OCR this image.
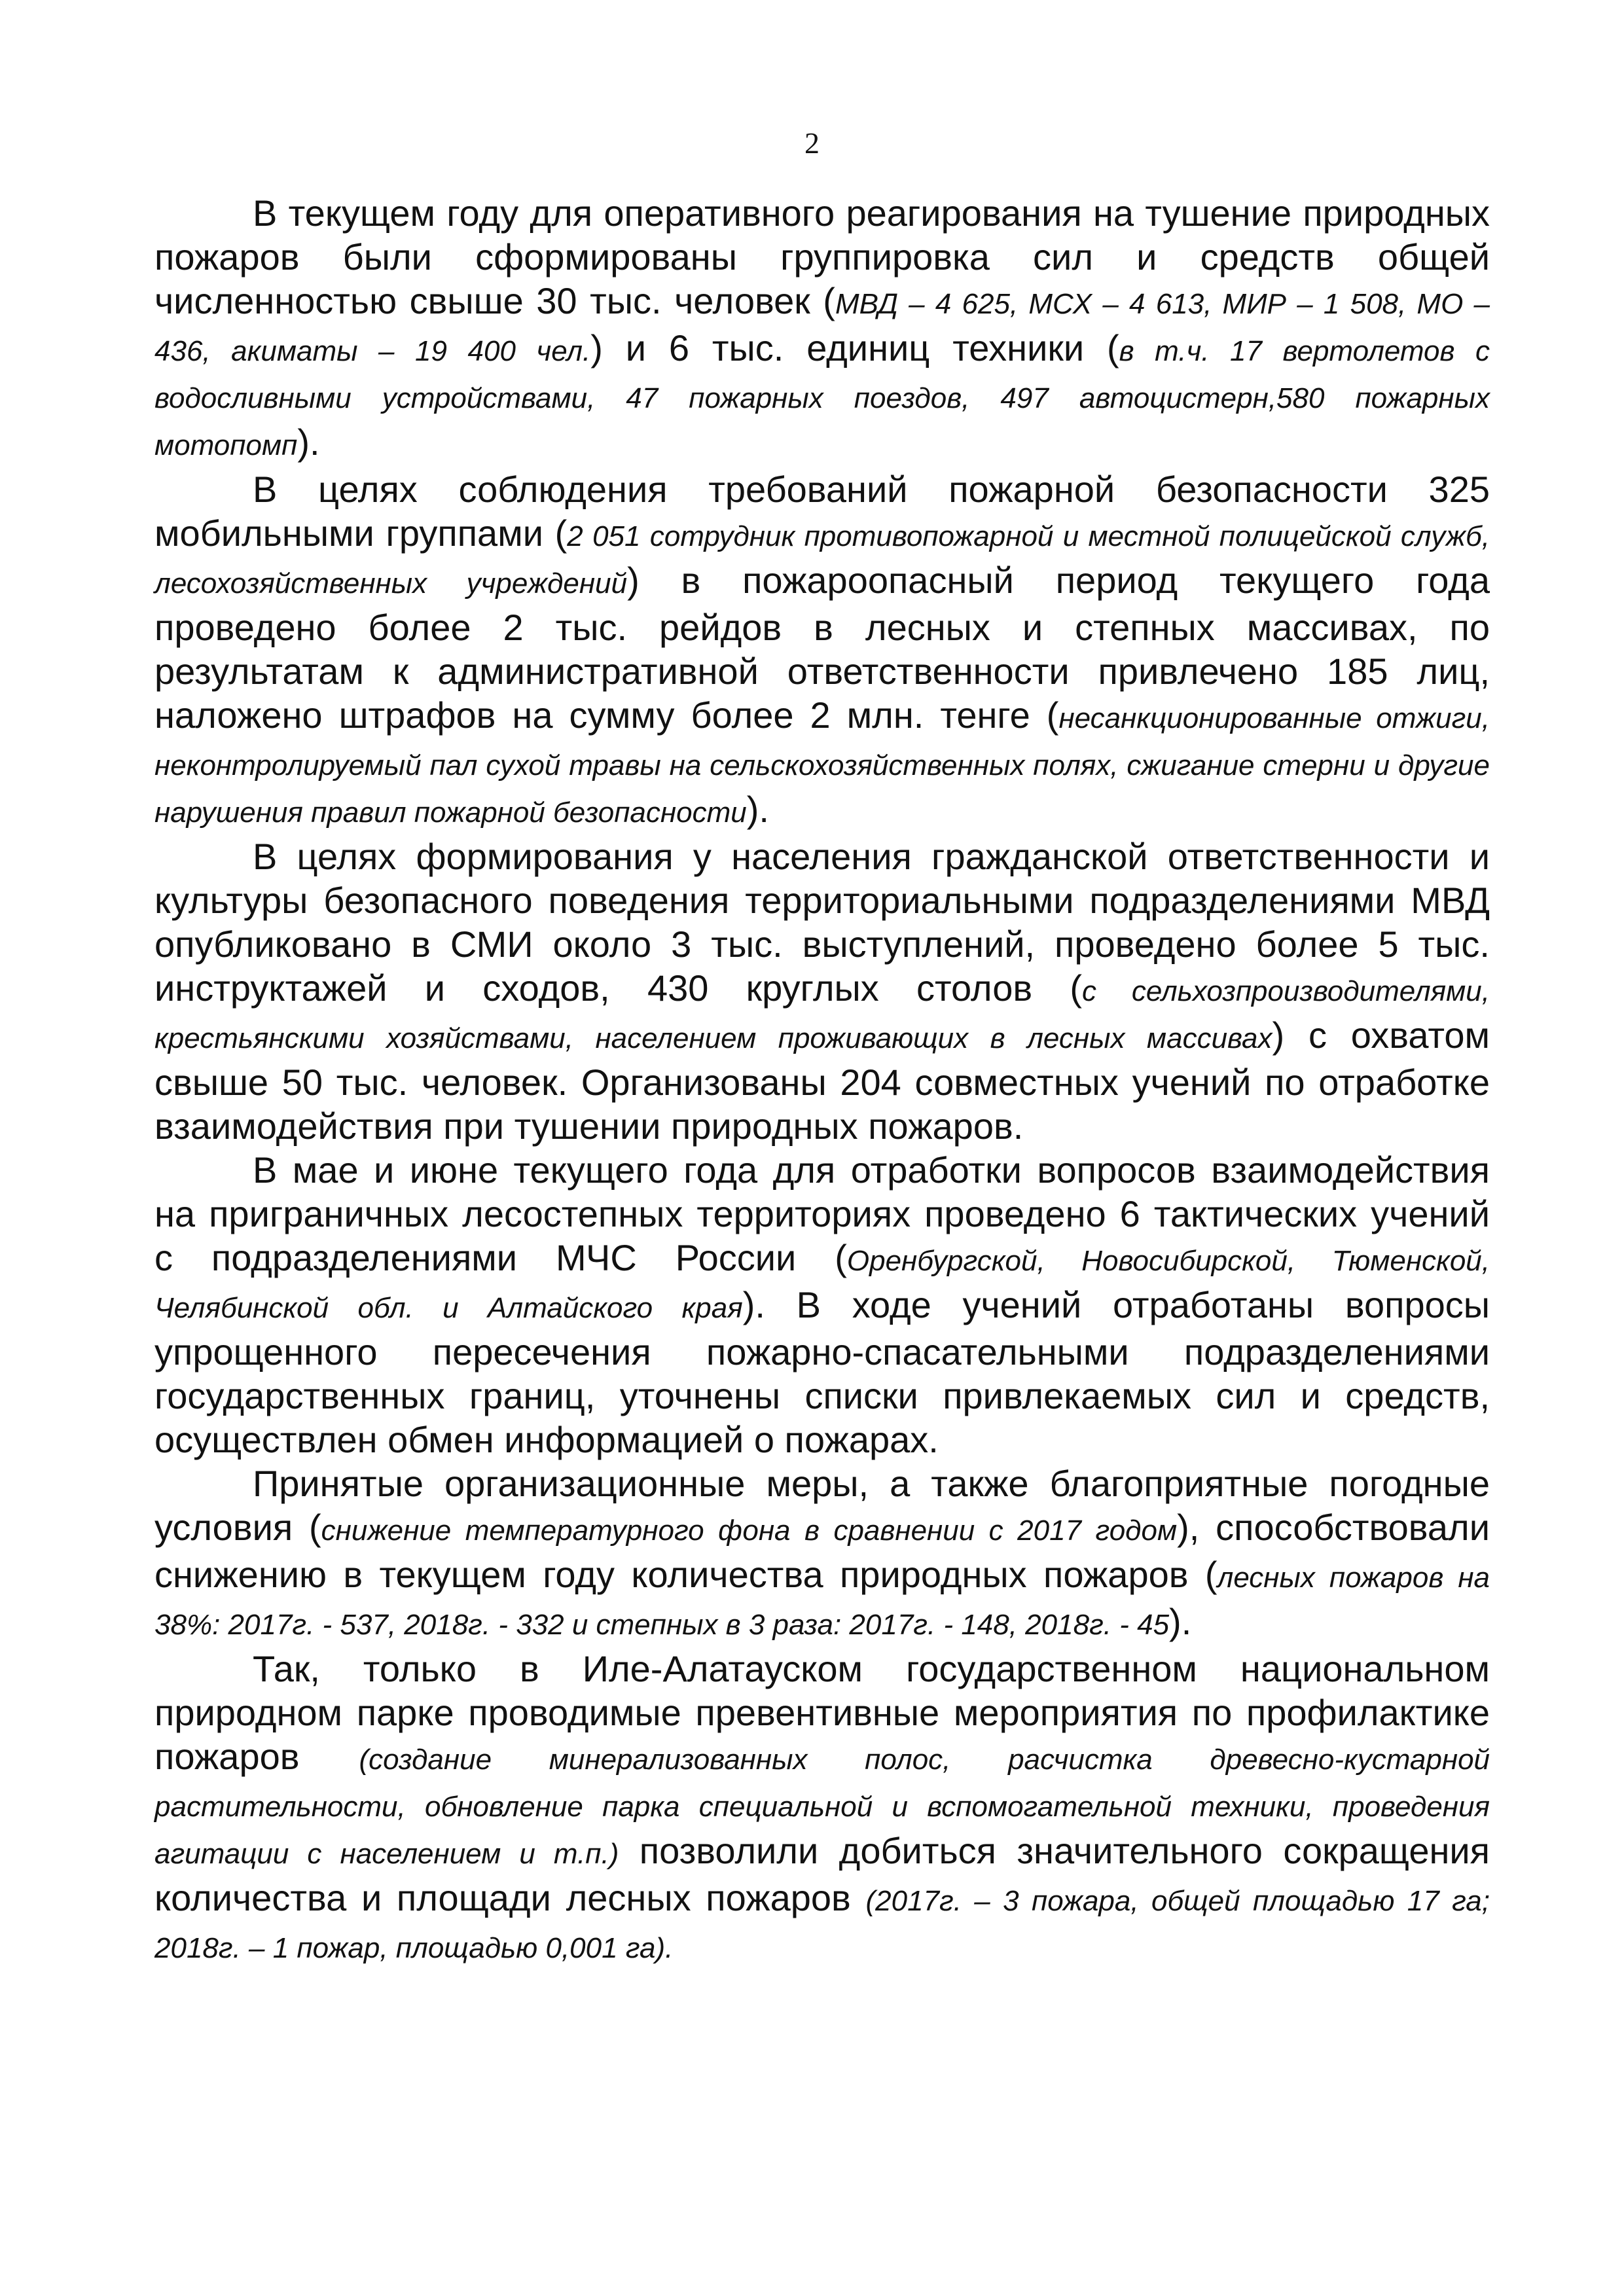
2

В текущем году для оперативного реагирования на тушение природных пожаров были сформированы группировка сил и средств общей численностью свыше 30 тыс. человек (МВД – 4 625, МСХ – 4 613, МИР – 1 508, МО – 436, акиматы – 19 400 чел.) и 6 тыс. единиц техники (в т.ч. 17 вертолетов с водосливными устройствами, 47 пожарных поездов, 497 автоцистерн,580 пожарных мотопомп).

В целях соблюдения требований пожарной безопасности 325 мобильными группами (2 051 сотрудник противопожарной и местной полицейской служб, лесохозяйственных учреждений) в пожароопасный период текущего года проведено более 2 тыс. рейдов в лесных и степных массивах, по результатам к административной ответственности привлечено 185 лиц, наложено штрафов на сумму более 2 млн. тенге (несанкционированные отжиги, неконтролируемый пал сухой травы на сельскохозяйственных полях, сжигание стерни и другие нарушения правил пожарной безопасности).

В целях формирования у населения гражданской ответственности и культуры безопасного поведения территориальными подразделениями МВД опубликовано в СМИ около 3 тыс. выступлений, проведено более 5 тыс. инструктажей и сходов, 430 круглых столов (с сельхозпроизводителями, крестьянскими хозяйствами, населением проживающих в лесных массивах) с охватом свыше 50 тыс. человек. Организованы 204 совместных учений по отработке взаимодействия при тушении природных пожаров.

В мае и июне текущего года для отработки вопросов взаимодействия на приграничных лесостепных территориях проведено 6 тактических учений с подразделениями МЧС России (Оренбургской, Новосибирской, Тюменской, Челябинской обл. и Алтайского края). В ходе учений отработаны вопросы упрощенного пересечения пожарно-спасательными подразделениями государственных границ, уточнены списки привлекаемых сил и средств, осуществлен обмен информацией о пожарах.

Принятые организационные меры, а также благоприятные погодные условия (снижение температурного фона в сравнении с 2017 годом), способствовали снижению в текущем году количества природных пожаров (лесных пожаров на 38%: 2017г. - 537, 2018г. - 332 и степных в 3 раза: 2017г. - 148, 2018г. - 45).

Так, только в Иле-Алатауском государственном национальном природном парке проводимые превентивные мероприятия по профилактике пожаров (создание минерализованных полос, расчистка древесно-кустарной растительности, обновление парка специальной и вспомогательной техники, проведения агитации с населением и т.п.) позволили добиться значительного сокращения количества и площади лесных пожаров (2017г. – 3 пожара, общей площадью 17 га; 2018г. – 1 пожар, площадью 0,001 га).
